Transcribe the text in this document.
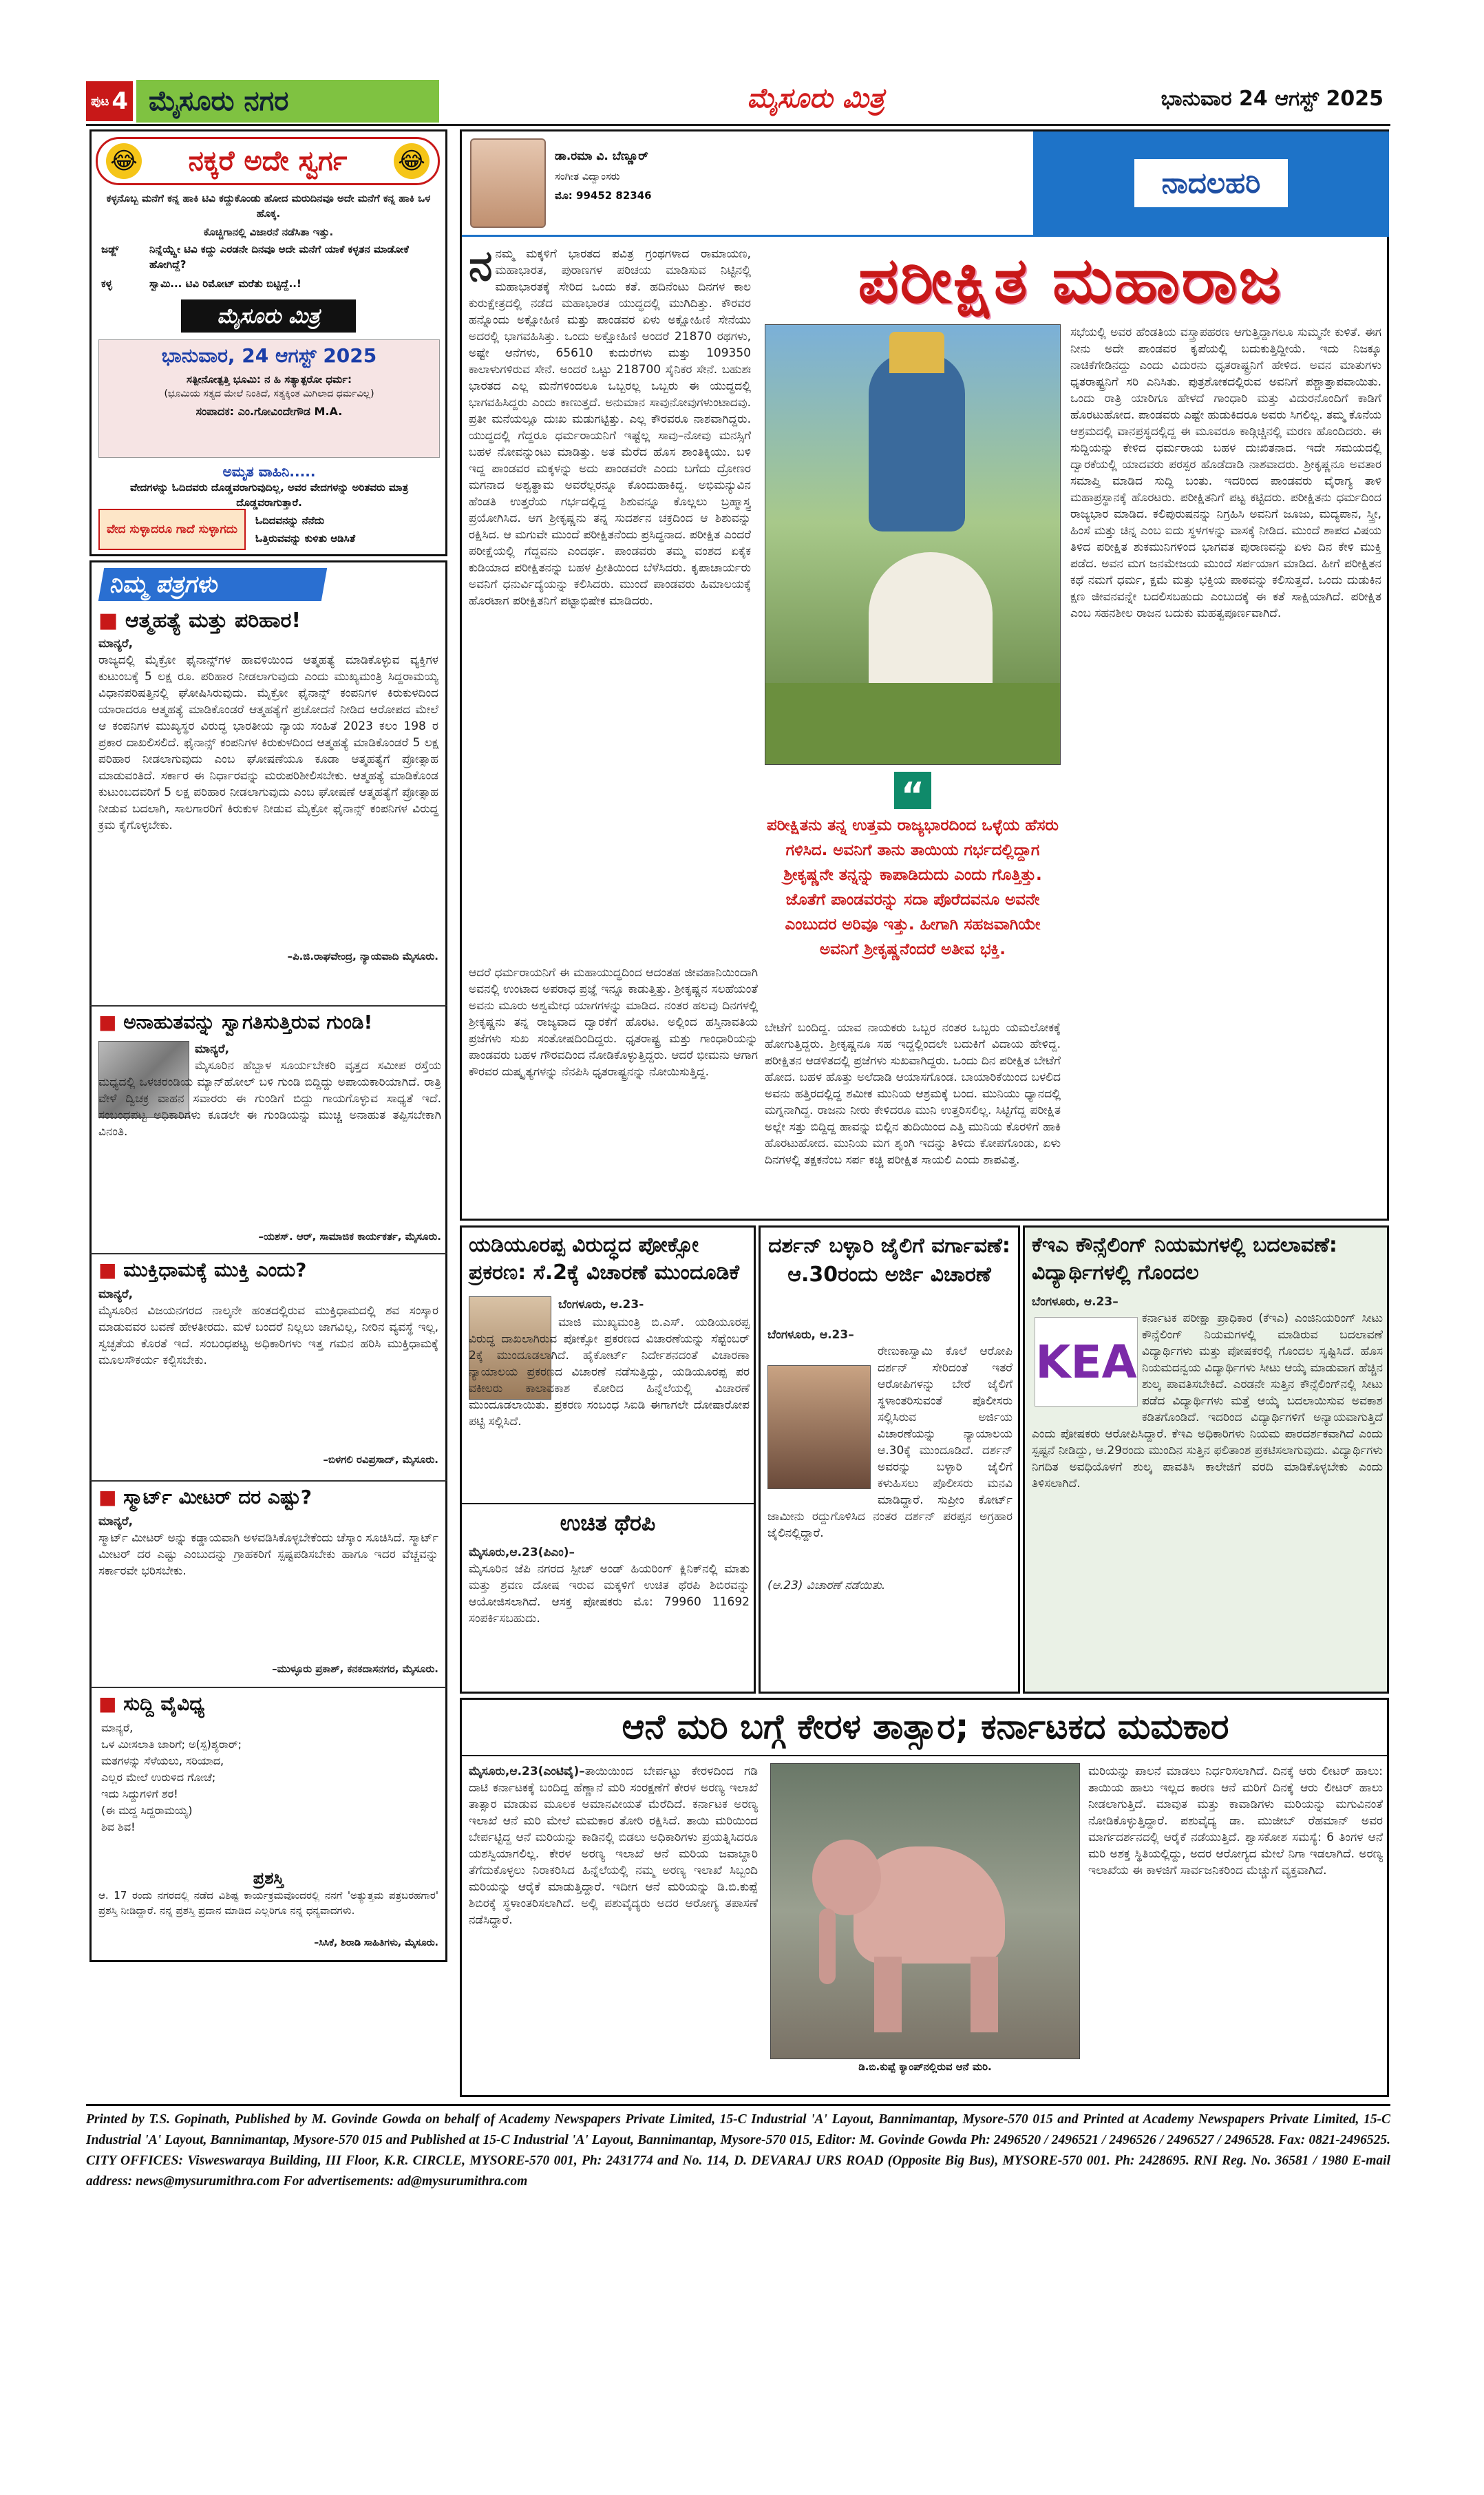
ಪುಟ 4 ಮೈಸೂರು ನಗರ	ಮೈಸೂರು ಮಿತ್ರ	ಭಾನುವಾರ 24 ಆಗಸ್ಟ್ 2025
😂 ನಕ್ಕರೆ ಅದೇ ಸ್ವರ್ಗ 😂
ಕಳ್ಳನೊಬ್ಬ ಮನೆಗೆ ಕನ್ನ ಹಾಕಿ ಟಿವಿ ಕದ್ದುಕೊಂಡು ಹೋದ ಮರುದಿನವೂ ಅದೇ ಮನೆಗೆ ಕನ್ನ ಹಾಕಿ ಒಳ ಹೊಕ್ಕ.
ಕೊಚ್ಚಿಗಾನಲ್ಲಿ ವಿಜಾರನೆ ನಡೆಸಿತಾ ಇತ್ತು.
ಜಡ್ಜ್	ನಿನ್ನೆಯ್ಷ್ಟೇ ಟಿವಿ ಕದ್ದು ಎರಡನೇ ದಿನವೂ ಅದೇ ಮನೆಗೆ ಯಾಕೆ ಕಳ್ಳತನ ಮಾಡೋಕೆ ಹೋಗಿದ್ದೆ?
ಕಳ್ಳ	ಸ್ವಾಮಿ... ಟಿವಿ ರಿಮೋಟ್ ಮರೆತು ಬಿಟ್ಟಿದ್ದೆ..!
ಮೈಸೂರು ಮಿತ್ರ
ಭಾನುವಾರ, 24 ಆಗಸ್ಟ್ 2025
ಸತ್ಪೀನೋತ್ಪತ್ತಿ ಭೂಮಿ: ನ ಹಿ ಸತ್ಯಾತ್ಪರೋ ಧರ್ಮ:
(ಭೂಮಿಯ ಸತ್ಯದ ಮೇಲೆ ನಿಂತಿದೆ, ಸತ್ಯಕ್ಕಿಂತ ಮಿಗಿಲಾದ ಧರ್ಮವಿಲ್ಲ)
ಸಂಪಾದಕ: ಎಂ.ಗೋವಿಂದೇಗೌಡ M.A.
ಅಮೃತ ವಾಹಿನಿ.....
ವೇದಗಳನ್ನು ಓದಿದವರು ದೊಡ್ಡವರಾಗುವುದಿಲ್ಲ, ಅವರ ವೇದಗಳನ್ನು ಅರಿತವರು ಮಾತ್ರ ದೊಡ್ಡವರಾಗುತ್ತಾರೆ.
ವೇದ ಸುಳ್ಳಾದರೂ ಗಾದೆ ಸುಳ್ಳಾಗದು
ಓದಿದವನನ್ನು ನೆನೆದು
ಓತ್ತಿರುವವನ್ನು ಕುಳಿತು ಆಡಿಸಿತೆ
ನಿಮ್ಮ ಪತ್ರಗಳು
■ ಆತ್ಮಹತ್ಯೆ ಮತ್ತು ಪರಿಹಾರ!
ಮಾನ್ಯರೆ,
ರಾಜ್ಯದಲ್ಲಿ ಮೈಕ್ರೋ ಫೈನಾನ್ಸ್‌ಗಳ ಹಾವಳಿಯಿಂದ ಆತ್ಮಹತ್ಯೆ ಮಾಡಿಕೊಳ್ಳುವ ವ್ಯಕ್ತಿಗಳ ಕುಟುಂಬಕ್ಕೆ 5 ಲಕ್ಷ ರೂ. ಪರಿಹಾರ ನೀಡಲಾಗುವುದು ಎಂದು ಮುಖ್ಯಮಂತ್ರಿ ಸಿದ್ದರಾಮಯ್ಯ ವಿಧಾನಪರಿಷತ್ತಿನಲ್ಲಿ ಘೋಷಿಸಿರುವುದು. ಮೈಕ್ರೋ ಫೈನಾನ್ಸ್ ಕಂಪನಿಗಳ ಕಿರುಕುಳದಿಂದ ಯಾರಾದರೂ ಆತ್ಮಹತ್ಯೆ ಮಾಡಿಕೊಂಡರೆ ಆತ್ಮಹತ್ಯೆಗೆ ಪ್ರಚೋದನೆ ನೀಡಿದ ಆರೋಪದ ಮೇಲೆ ಆ ಕಂಪನಿಗಳ ಮುಖ್ಯಸ್ಥರ ವಿರುದ್ಧ ಭಾರತೀಯ ನ್ಯಾಯ ಸಂಹಿತೆ 2023 ಕಲಂ 198 ರ ಪ್ರಕಾರ ದಾಖಲಿಸಲಿದೆ. ಫೈನಾನ್ಸ್ ಕಂಪನಿಗಳ ಕಿರುಕುಳದಿಂದ ಆತ್ಮಹತ್ಯೆ ಮಾಡಿಕೊಂಡರೆ 5 ಲಕ್ಷ ಪರಿಹಾರ ನೀಡಲಾಗುವುದು ಎಂಬ ಘೋಷಣೆಯೂ ಕೂಡಾ ಆತ್ಮಹತ್ಯೆಗೆ ಪ್ರೋತ್ಸಾಹ ಮಾಡುವಂತಿದೆ. ಸರ್ಕಾರ ಈ ನಿರ್ಧಾರವನ್ನು ಮರುಪರಿಶೀಲಿಸಬೇಕು. ಆತ್ಮಹತ್ಯೆ ಮಾಡಿಕೊಂಡ ಕುಟುಂಬದವರಿಗೆ 5 ಲಕ್ಷ ಪರಿಹಾರ ನೀಡಲಾಗುವುದು ಎಂಬ ಘೋಷಣೆ ಆತ್ಮಹತ್ಯೆಗೆ ಪ್ರೋತ್ಸಾಹ ನೀಡುವ ಬದಲಾಗಿ, ಸಾಲಗಾರರಿಗೆ ಕಿರುಕುಳ ನೀಡುವ ಮೈಕ್ರೋ ಫೈನಾನ್ಸ್ ಕಂಪನಿಗಳ ವಿರುದ್ಧ ಕ್ರಮ ಕೈಗೊಳ್ಳಬೇಕು.
–ಪಿ.ಜಿ.ರಾಘವೇಂದ್ರ, ನ್ಯಾಯವಾದಿ ಮೈಸೂರು.
■ ಅನಾಹುತವನ್ನು ಸ್ವಾಗತಿಸುತ್ತಿರುವ ಗುಂಡಿ!
ಮಾನ್ಯರೆ,
ಮೈಸೂರಿನ ಹೆಬ್ಬಾಳ ಸೂರ್ಯಬೇಕರಿ ವೃತ್ತದ ಸಮೀಪ ರಸ್ತೆಯ ಮಧ್ಯದಲ್ಲಿ ಒಳಚರಂಡಿಯ ಮ್ಯಾನ್‌ಹೋಲ್ ಬಳಿ ಗುಂಡಿ ಬಿದ್ದಿದ್ದು ಅಪಾಯಕಾರಿಯಾಗಿದೆ. ರಾತ್ರಿ ವೇಳೆ ದ್ವಿಚಕ್ರ ವಾಹನ ಸವಾರರು ಈ ಗುಂಡಿಗೆ ಬಿದ್ದು ಗಾಯಗೊಳ್ಳುವ ಸಾಧ್ಯತೆ ಇದೆ. ಸಂಬಂಧಪಟ್ಟ ಅಧಿಕಾರಿಗಳು ಕೂಡಲೇ ಈ ಗುಂಡಿಯನ್ನು ಮುಚ್ಚಿ ಅನಾಹುತ ತಪ್ಪಿಸಬೇಕಾಗಿ ವಿನಂತಿ.
–ಯಶಸ್. ಆರ್, ಸಾಮಾಜಿಕ ಕಾರ್ಯಕರ್ತ, ಮೈಸೂರು.
■ ಮುಕ್ತಿಧಾಮಕ್ಕೆ ಮುಕ್ತಿ ಎಂದು?
ಮಾನ್ಯರೆ,
ಮೈಸೂರಿನ ವಿಜಯನಗರದ ನಾಲ್ಕನೇ ಹಂತದಲ್ಲಿರುವ ಮುಕ್ತಿಧಾಮದಲ್ಲಿ ಶವ ಸಂಸ್ಕಾರ ಮಾಡುವವರ ಬವಣೆ ಹೇಳತೀರದು. ಮಳೆ ಬಂದರೆ ನಿಲ್ಲಲು ಜಾಗವಿಲ್ಲ, ನೀರಿನ ವ್ಯವಸ್ಥೆ ಇಲ್ಲ, ಸ್ವಚ್ಛತೆಯ ಕೊರತೆ ಇದೆ. ಸಂಬಂಧಪಟ್ಟ ಅಧಿಕಾರಿಗಳು ಇತ್ತ ಗಮನ ಹರಿಸಿ ಮುಕ್ತಿಧಾಮಕ್ಕೆ ಮೂಲಸೌಕರ್ಯ ಕಲ್ಪಿಸಬೇಕು.
–ಬಿಳಗಲಿ ರವಿಪ್ರಸಾದ್, ಮೈಸೂರು.
■ ಸ್ಮಾರ್ಟ್ ಮೀಟರ್ ದರ ಎಷ್ಟು?
ಮಾನ್ಯರೆ,
ಸ್ಮಾರ್ಟ್ ಮೀಟರ್ ಅನ್ನು ಕಡ್ಡಾಯವಾಗಿ ಅಳವಡಿಸಿಕೊಳ್ಳಬೇಕೆಂದು ಚೆಸ್ಕಾಂ ಸೂಚಿಸಿದೆ. ಸ್ಮಾರ್ಟ್ ಮೀಟರ್ ದರ ಎಷ್ಟು ಎಂಬುದನ್ನು ಗ್ರಾಹಕರಿಗೆ ಸ್ಪಷ್ಟಪಡಿಸಬೇಕು ಹಾಗೂ ಇದರ ವೆಚ್ಚವನ್ನು ಸರ್ಕಾರವೇ ಭರಿಸಬೇಕು.
–ಮುಳ್ಳೂರು ಪ್ರಕಾಶ್, ಕನಕದಾಸನಗರ, ಮೈಸೂರು.
■ ಸುದ್ದಿ ವೈವಿಧ್ಯ
ಮಾನ್ಯರೆ,
ಒಳ ಮೀಸಲಾತಿ ಜಾರಿಗೆ; ಅ(ಸ್ಪ)ಶ್ಯರಾರ್;
ಮತಗಳನ್ನು ಸೆಳೆಯಲು, ಸರಿಯಾದ,
ಎಲ್ಲರ ಮೇಲೆ ಉರುಳಿದ ಗೋಚೆ;
ಇದು ಸಿದ್ದುಗಳಿಗೆ ಶರ!
(ಈ ಮದ್ದ ಸಿದ್ದರಾಮಯ್ಯ)
ಶಿವ ಶಿವ!
ಪ್ರಶಸ್ತಿ
ಆ. 17 ರಂದು ನಗರದಲ್ಲಿ ನಡೆದ ವಿಶಿಷ್ಟ ಕಾರ್ಯಕ್ರಮವೊಂದರಲ್ಲಿ ನನಗೆ 'ಅತ್ಯುತ್ತಮ ಪತ್ರಬರಹಗಾರ' ಪ್ರಶಸ್ತಿ ನೀಡಿದ್ದಾರೆ. ನನ್ನ ಪ್ರಶಸ್ತಿ ಪ್ರದಾನ ಮಾಡಿದ ಎಲ್ಲರಿಗೂ ನನ್ನ ಧನ್ಯವಾದಗಳು.
–ಸಿಸಿಕೆ, ಶಿರಾಡಿ ಸಾಹಿತಿಗಳು, ಮೈಸೂರು.
ಡಾ.ರಮಾ ವಿ. ಬೆಣ್ಣೂರ್
ಸಂಗೀತ ವಿದ್ವಾಂಸರು
ಮೊ: 99452 82346	ನಾದಲಹರಿ
ನನಮ್ಮ ಮಕ್ಕಳಿಗೆ ಭಾರತದ ಪವಿತ್ರ ಗ್ರಂಥಗಳಾದ ರಾಮಾಯಣ, ಮಹಾಭಾರತ, ಪುರಾಣಗಳ ಪರಿಚಯ ಮಾಡಿಸುವ ನಿಟ್ಟಿನಲ್ಲಿ ಮಹಾಭಾರತಕ್ಕೆ ಸೇರಿದ ಒಂದು ಕತೆ. ಹದಿನೆಂಟು ದಿನಗಳ ಕಾಲ ಕುರುಕ್ಷೇತ್ರದಲ್ಲಿ ನಡೆದ ಮಹಾಭಾರತ ಯುದ್ಧದಲ್ಲಿ ಮುಗಿದಿತ್ತು. ಕೌರವರ ಹನ್ನೊಂದು ಅಕ್ಷೋಹಿಣಿ ಮತ್ತು ಪಾಂಡವರ ಏಳು ಅಕ್ಷೋಹಿಣಿ ಸೇನೆಯು ಅದರಲ್ಲಿ ಭಾಗವಹಿಸಿತ್ತು. ಒಂದು ಅಕ್ಷೋಹಿಣಿ ಅಂದರೆ 21870 ರಥಗಳು, ಅಷ್ಟೇ ಆನೆಗಳು, 65610 ಕುದುರೆಗಳು ಮತ್ತು 109350 ಕಾಲಾಳುಗಳಿರುವ ಸೇನೆ. ಅಂದರೆ ಒಟ್ಟು 218700 ಸೈನಿಕರ ಸೇನೆ. ಬಹುಶಃ ಭಾರತದ ಎಲ್ಲ ಮನೆಗಳಿಂದಲೂ ಒಬ್ಬರಲ್ಲ ಒಬ್ಬರು ಈ ಯುದ್ಧದಲ್ಲಿ ಭಾಗವಹಿಸಿದ್ದರು ಎಂದು ಕಾಣುತ್ತದೆ. ಅನುಮಾನ ಸಾವುನೋವುಗಳುಂಟಾದವು. ಪ್ರತೀ ಮನೆಯಲ್ಲೂ ದುಃಖ ಮಡುಗಟ್ಟಿತ್ತು. ಎಲ್ಲ ಕೌರವರೂ ನಾಶವಾಗಿದ್ದರು. ಯುದ್ಧದಲ್ಲಿ ಗೆದ್ದರೂ ಧರ್ಮರಾಯನಿಗೆ ಇಷ್ಟೆಲ್ಲ ಸಾವು–ನೋವು ಮನಸ್ಸಿಗೆ ಬಹಳ ನೋವನ್ನುಂಟು ಮಾಡಿತ್ತು. ಅತ ಮೆರೆದ ಹೊಸ ಶಾಂತಿಕ್ಕಿಯು. ಬಳಿ ಇದ್ದ ಪಾಂಡವರ ಮಕ್ಕಳನ್ನು ಅದು ಪಾಂಡವರೇ ಎಂದು ಬಗೆದು ದ್ರೋಣರ ಮಗನಾದ ಅಶ್ವತ್ಥಾಮ ಅವರೆಲ್ಲರನ್ನೂ ಕೊಂದುಹಾಕಿದ್ದ. ಅಭಿಮನ್ಯುವಿನ ಹೆಂಡತಿ ಉತ್ತರೆಯ ಗರ್ಭದಲ್ಲಿದ್ದ ಶಿಶುವನ್ನೂ ಕೊಲ್ಲಲು ಬ್ರಹ್ಮಾಸ್ತ್ರ ಪ್ರಯೋಗಿಸಿದ. ಆಗ ಶ್ರೀಕೃಷ್ಣನು ತನ್ನ ಸುದರ್ಶನ ಚಕ್ರದಿಂದ ಆ ಶಿಶುವನ್ನು ರಕ್ಷಿಸಿದ. ಆ ಮಗುವೇ ಮುಂದೆ ಪರೀಕ್ಷಿತನೆಂದು ಪ್ರಸಿದ್ಧನಾದ. ಪರೀಕ್ಷಿತ ಎಂದರೆ ಪರೀಕ್ಷೆಯಲ್ಲಿ ಗೆದ್ದವನು ಎಂದರ್ಥ. ಪಾಂಡವರು ತಮ್ಮ ವಂಶದ ಏಕೈಕ ಕುಡಿಯಾದ ಪರೀಕ್ಷಿತನನ್ನು ಬಹಳ ಪ್ರೀತಿಯಿಂದ ಬೆಳೆಸಿದರು. ಕೃಪಾಚಾರ್ಯರು ಅವನಿಗೆ ಧನುರ್ವಿದ್ಯೆಯನ್ನು ಕಲಿಸಿದರು. ಮುಂದೆ ಪಾಂಡವರು ಹಿಮಾಲಯಕ್ಕೆ ಹೊರಟಾಗ ಪರೀಕ್ಷಿತನಿಗೆ ಪಟ್ಟಾಭಿಷೇಕ ಮಾಡಿದರು.
ಪರೀಕ್ಷಿತ ಮಹಾರಾಜ
ಸಭೆಯಲ್ಲಿ ಅವರ ಹೆಂಡತಿಯ ವಸ್ತ್ರಾಪಹರಣ ಆಗುತ್ತಿದ್ದಾಗಲೂ ಸುಮ್ಮನೇ ಕುಳಿತೆ. ಈಗ ನೀನು ಅದೇ ಪಾಂಡವರ ಕೃಪೆಯಲ್ಲಿ ಬದುಕುತ್ತಿದ್ದೀಯೆ. ಇದು ನಿಜಕ್ಕೂ ನಾಚಿಕೆಗೇಡಿನದ್ದು ಎಂದು ವಿದುರನು ಧೃತರಾಷ್ಟ್ರನಿಗೆ ಹೇಳಿದ. ಅವನ ಮಾತುಗಳು ಧೃತರಾಷ್ಟ್ರನಿಗೆ ಸರಿ ಎನಿಸಿತು. ಪುತ್ರಶೋಕದಲ್ಲಿರುವ ಅವನಿಗೆ ಪಶ್ಚಾತ್ತಾಪವಾಯಿತು. ಒಂದು ರಾತ್ರಿ ಯಾರಿಗೂ ಹೇಳದೆ ಗಾಂಧಾರಿ ಮತ್ತು ವಿದುರನೊಂದಿಗೆ ಕಾಡಿಗೆ ಹೊರಟುಹೋದ. ಪಾಂಡವರು ಎಷ್ಟೇ ಹುಡುಕಿದರೂ ಅವರು ಸಿಗಲಿಲ್ಲ. ತಮ್ಮ ಕೊನೆಯ ಆಶ್ರಮದಲ್ಲಿ ವಾನಪ್ರಸ್ಥದಲ್ಲಿದ್ದ ಈ ಮೂವರೂ ಕಾಡ್ಗಿಚ್ಚಿನಲ್ಲಿ ಮರಣ ಹೊಂದಿದರು. ಈ ಸುದ್ದಿಯನ್ನು ಕೇಳಿದ ಧರ್ಮರಾಯ ಬಹಳ ದುಃಖಿತನಾದ. ಇದೇ ಸಮಯದಲ್ಲಿ ದ್ವಾರಕೆಯಲ್ಲಿ ಯಾದವರು ಪರಸ್ಪರ ಹೊಡೆದಾಡಿ ನಾಶವಾದರು. ಶ್ರೀಕೃಷ್ಣನೂ ಅವತಾರ ಸಮಾಪ್ತಿ ಮಾಡಿದ ಸುದ್ದಿ ಬಂತು. ಇದರಿಂದ ಪಾಂಡವರು ವೈರಾಗ್ಯ ತಾಳಿ ಮಹಾಪ್ರಸ್ಥಾನಕ್ಕೆ ಹೊರಟರು. ಪರೀಕ್ಷಿತನಿಗೆ ಪಟ್ಟ ಕಟ್ಟಿದರು. ಪರೀಕ್ಷಿತನು ಧರ್ಮದಿಂದ ರಾಜ್ಯಭಾರ ಮಾಡಿದ. ಕಲಿಪುರುಷನನ್ನು ನಿಗ್ರಹಿಸಿ ಅವನಿಗೆ ಜೂಜು, ಮದ್ಯಪಾನ, ಸ್ತ್ರೀ, ಹಿಂಸೆ ಮತ್ತು ಚಿನ್ನ ಎಂಬ ಐದು ಸ್ಥಳಗಳನ್ನು ವಾಸಕ್ಕೆ ನೀಡಿದ. ಮುಂದೆ ಶಾಪದ ವಿಷಯ ತಿಳಿದ ಪರೀಕ್ಷಿತ ಶುಕಮುನಿಗಳಿಂದ ಭಾಗವತ ಪುರಾಣವನ್ನು ಏಳು ದಿನ ಕೇಳಿ ಮುಕ್ತಿ ಪಡೆದ. ಅವನ ಮಗ ಜನಮೇಜಯ ಮುಂದೆ ಸರ್ಪಯಾಗ ಮಾಡಿದ. ಹೀಗೆ ಪರೀಕ್ಷಿತನ ಕಥೆ ನಮಗೆ ಧರ್ಮ, ಕ್ಷಮೆ ಮತ್ತು ಭಕ್ತಿಯ ಪಾಠವನ್ನು ಕಲಿಸುತ್ತದೆ. ಒಂದು ದುಡುಕಿನ ಕ್ಷಣ ಜೀವನವನ್ನೇ ಬದಲಿಸಬಹುದು ಎಂಬುದಕ್ಕೆ ಈ ಕತೆ ಸಾಕ್ಷಿಯಾಗಿದೆ. ಪರೀಕ್ಷಿತ ಎಂಬ ಸಹನಶೀಲ ರಾಜನ ಬದುಕು ಮಹತ್ವಪೂರ್ಣವಾಗಿದೆ.
“
ಪರೀಕ್ಷಿತನು ತನ್ನ ಉತ್ತಮ ರಾಜ್ಯಭಾರದಿಂದ ಒಳ್ಳೆಯ ಹೆಸರು ಗಳಿಸಿದ. ಅವನಿಗೆ ತಾನು ತಾಯಿಯ ಗರ್ಭದಲ್ಲಿದ್ದಾಗ ಶ್ರೀಕೃಷ್ಣನೇ ತನ್ನನ್ನು ಕಾಪಾಡಿದುದು ಎಂದು ಗೊತ್ತಿತ್ತು. ಜೊತೆಗೆ ಪಾಂಡವರನ್ನು ಸದಾ ಪೊರೆದವನೂ ಅವನೇ ಎಂಬುದರ ಅರಿವೂ ಇತ್ತು. ಹೀಗಾಗಿ ಸಹಜವಾಗಿಯೇ ಅವನಿಗೆ ಶ್ರೀಕೃಷ್ಣನೆಂದರೆ ಅತೀವ ಭಕ್ತಿ.
ಬೇಟೆಗೆ ಬಂದಿದ್ದ. ಯಾವ ನಾಯಕರು ಒಬ್ಬರ ನಂತರ ಒಬ್ಬರು ಯಮಲೋಕಕ್ಕೆ ಹೋಗುತ್ತಿದ್ದರು. ಶ್ರೀಕೃಷ್ಣನೂ ಸಹ ಇದ್ದಲ್ಲಿಂದಲೇ ಬದುಕಿಗೆ ವಿದಾಯ ಹೇಳಿದ್ದ. ಪರೀಕ್ಷಿತನ ಆಡಳಿತದಲ್ಲಿ ಪ್ರಜೆಗಳು ಸುಖವಾಗಿದ್ದರು. ಒಂದು ದಿನ ಪರೀಕ್ಷಿತ ಬೇಟೆಗೆ ಹೋದ. ಬಹಳ ಹೊತ್ತು ಅಲೆದಾಡಿ ಆಯಾಸಗೊಂಡ. ಬಾಯಾರಿಕೆಯಿಂದ ಬಳಲಿದ ಅವನು ಹತ್ತಿರದಲ್ಲಿದ್ದ ಶಮೀಕ ಮುನಿಯ ಆಶ್ರಮಕ್ಕೆ ಬಂದ. ಮುನಿಯು ಧ್ಯಾನದಲ್ಲಿ ಮಗ್ನನಾಗಿದ್ದ. ರಾಜನು ನೀರು ಕೇಳಿದರೂ ಮುನಿ ಉತ್ತರಿಸಲಿಲ್ಲ. ಸಿಟ್ಟಿಗೆದ್ದ ಪರೀಕ್ಷಿತ ಅಲ್ಲೇ ಸತ್ತು ಬಿದ್ದಿದ್ದ ಹಾವನ್ನು ಬಿಲ್ಲಿನ ತುದಿಯಿಂದ ಎತ್ತಿ ಮುನಿಯ ಕೊರಳಿಗೆ ಹಾಕಿ ಹೊರಟುಹೋದ. ಮುನಿಯ ಮಗ ಶೃಂಗಿ ಇದನ್ನು ತಿಳಿದು ಕೋಪಗೊಂಡು, ಏಳು ದಿನಗಳಲ್ಲಿ ತಕ್ಷಕನೆಂಬ ಸರ್ಪ ಕಚ್ಚಿ ಪರೀಕ್ಷಿತ ಸಾಯಲಿ ಎಂದು ಶಾಪವಿತ್ತ.
ಆದರೆ ಧರ್ಮರಾಯನಿಗೆ ಈ ಮಹಾಯುದ್ಧದಿಂದ ಆದಂತಹ ಜೀವಹಾನಿಯಿಂದಾಗಿ ಅವನಲ್ಲಿ ಉಂಟಾದ ಅಪರಾಧ ಪ್ರಜ್ಞೆ ಇನ್ನೂ ಕಾಡುತ್ತಿತ್ತು. ಶ್ರೀಕೃಷ್ಣನ ಸಲಹೆಯಂತೆ ಅವನು ಮೂರು ಅಶ್ವಮೇಧ ಯಾಗಗಳನ್ನು ಮಾಡಿದ. ನಂತರ ಹಲವು ದಿನಗಳಲ್ಲಿ ಶ್ರೀಕೃಷ್ಣನು ತನ್ನ ರಾಜ್ಯವಾದ ದ್ವಾರಕೆಗೆ ಹೊರಟ. ಅಲ್ಲಿಂದ ಹಸ್ತಿನಾವತಿಯ ಪ್ರಜೆಗಳು ಸುಖ ಸಂತೋಷದಿಂದಿದ್ದರು. ಧೃತರಾಷ್ಟ್ರ ಮತ್ತು ಗಾಂಧಾರಿಯನ್ನು ಪಾಂಡವರು ಬಹಳ ಗೌರವದಿಂದ ನೋಡಿಕೊಳ್ಳುತ್ತಿದ್ದರು. ಆದರೆ ಭೀಮನು ಆಗಾಗ ಕೌರವರ ದುಷ್ಕೃತ್ಯಗಳನ್ನು ನೆನಪಿಸಿ ಧೃತರಾಷ್ಟ್ರನನ್ನು ನೋಯಿಸುತ್ತಿದ್ದ.
ಯಡಿಯೂರಪ್ಪ ವಿರುದ್ಧದ ಪೋಕ್ಸೋ ಪ್ರಕರಣ: ಸೆ.2ಕ್ಕೆ ವಿಚಾರಣೆ ಮುಂದೂಡಿಕೆ
ಬೆಂಗಳೂರು, ಆ.23-
ಮಾಜಿ ಮುಖ್ಯಮಂತ್ರಿ ಬಿ.ಎಸ್. ಯಡಿಯೂರಪ್ಪ ವಿರುದ್ಧ ದಾಖಲಾಗಿರುವ ಪೋಕ್ಸೋ ಪ್ರಕರಣದ ವಿಚಾರಣೆಯನ್ನು ಸೆಪ್ಟೆಂಬರ್ 2ಕ್ಕೆ ಮುಂದೂಡಲಾಗಿದೆ. ಹೈಕೋರ್ಟ್ ನಿರ್ದೇಶನದಂತೆ ವಿಚಾರಣಾ ನ್ಯಾಯಾಲಯ ಪ್ರಕರಣದ ವಿಚಾರಣೆ ನಡೆಸುತ್ತಿದ್ದು, ಯಡಿಯೂರಪ್ಪ ಪರ ವಕೀಲರು ಕಾಲಾವಕಾಶ ಕೋರಿದ ಹಿನ್ನೆಲೆಯಲ್ಲಿ ವಿಚಾರಣೆ ಮುಂದೂಡಲಾಯಿತು. ಪ್ರಕರಣ ಸಂಬಂಧ ಸಿಐಡಿ ಈಗಾಗಲೇ ದೋಷಾರೋಪ ಪಟ್ಟಿ ಸಲ್ಲಿಸಿದೆ.
ಉಚಿತ ಥೆರಪಿ
ಮೈಸೂರು,ಆ.23(ಪಿಎಂ)–
ಮೈಸೂರಿನ ಜೆಪಿ ನಗರದ ಸ್ಪೀಚ್ ಅಂಡ್ ಹಿಯರಿಂಗ್ ಕ್ಲಿನಿಕ್‌ನಲ್ಲಿ ಮಾತು ಮತ್ತು ಶ್ರವಣ ದೋಷ ಇರುವ ಮಕ್ಕಳಿಗೆ ಉಚಿತ ಥೆರಪಿ ಶಿಬಿರವನ್ನು ಆಯೋಜಿಸಲಾಗಿದೆ. ಆಸಕ್ತ ಪೋಷಕರು ಮೊ: 79960 11692 ಸಂಪರ್ಕಿಸಬಹುದು.
ದರ್ಶನ್ ಬಳ್ಳಾರಿ ಜೈಲಿಗೆ ವರ್ಗಾವಣೆ: ಆ.30ರಂದು ಅರ್ಜಿ ವಿಚಾರಣೆ
ಬೆಂಗಳೂರು, ಆ.23–
ರೇಣುಕಾಸ್ವಾಮಿ ಕೊಲೆ ಆರೋಪಿ ದರ್ಶನ್ ಸೇರಿದಂತೆ ಇತರೆ ಆರೋಪಿಗಳನ್ನು ಬೇರೆ ಜೈಲಿಗೆ ಸ್ಥಳಾಂತರಿಸುವಂತೆ ಪೊಲೀಸರು ಸಲ್ಲಿಸಿರುವ ಅರ್ಜಿಯ ವಿಚಾರಣೆಯನ್ನು ನ್ಯಾಯಾಲಯ ಆ.30ಕ್ಕೆ ಮುಂದೂಡಿದೆ. ದರ್ಶನ್ ಅವರನ್ನು ಬಳ್ಳಾರಿ ಜೈಲಿಗೆ ಕಳುಹಿಸಲು ಪೊಲೀಸರು ಮನವಿ ಮಾಡಿದ್ದಾರೆ. ಸುಪ್ರೀಂ ಕೋರ್ಟ್ ಜಾಮೀನು ರದ್ದುಗೊಳಿಸಿದ ನಂತರ ದರ್ಶನ್ ಪರಪ್ಪನ ಅಗ್ರಹಾರ ಜೈಲಿನಲ್ಲಿದ್ದಾರೆ.
(ಆ.23) ವಿಚಾರಣೆ ನಡೆಯಿತು.
ಕೆಇಎ ಕೌನ್ಸೆಲಿಂಗ್ ನಿಯಮಗಳಲ್ಲಿ ಬದಲಾವಣೆ: ವಿದ್ಯಾರ್ಥಿಗಳಲ್ಲಿ ಗೊಂದಲ
ಬೆಂಗಳೂರು, ಆ.23–
KEA
ಕರ್ನಾಟಕ ಪರೀಕ್ಷಾ ಪ್ರಾಧಿಕಾರ (ಕೆಇಎ) ಎಂಜಿನಿಯರಿಂಗ್ ಸೀಟು ಕೌನ್ಸೆಲಿಂಗ್ ನಿಯಮಗಳಲ್ಲಿ ಮಾಡಿರುವ ಬದಲಾವಣೆ ವಿದ್ಯಾರ್ಥಿಗಳು ಮತ್ತು ಪೋಷಕರಲ್ಲಿ ಗೊಂದಲ ಸೃಷ್ಟಿಸಿದೆ. ಹೊಸ ನಿಯಮದನ್ವಯ ವಿದ್ಯಾರ್ಥಿಗಳು ಸೀಟು ಆಯ್ಕೆ ಮಾಡುವಾಗ ಹೆಚ್ಚಿನ ಶುಲ್ಕ ಪಾವತಿಸಬೇಕಿದೆ. ಎರಡನೇ ಸುತ್ತಿನ ಕೌನ್ಸೆಲಿಂಗ್‌ನಲ್ಲಿ ಸೀಟು ಪಡೆದ ವಿದ್ಯಾರ್ಥಿಗಳು ಮತ್ತೆ ಆಯ್ಕೆ ಬದಲಾಯಿಸುವ ಅವಕಾಶ ಕಡಿತಗೊಂಡಿದೆ. ಇದರಿಂದ ವಿದ್ಯಾರ್ಥಿಗಳಿಗೆ ಅನ್ಯಾಯವಾಗುತ್ತಿದೆ ಎಂದು ಪೋಷಕರು ಆರೋಪಿಸಿದ್ದಾರೆ. ಕೆಇಎ ಅಧಿಕಾರಿಗಳು ನಿಯಮ ಪಾರದರ್ಶಕವಾಗಿದೆ ಎಂದು ಸ್ಪಷ್ಟನೆ ನೀಡಿದ್ದು, ಆ.29ರಂದು ಮುಂದಿನ ಸುತ್ತಿನ ಫಲಿತಾಂಶ ಪ್ರಕಟಿಸಲಾಗುವುದು. ವಿದ್ಯಾರ್ಥಿಗಳು ನಿಗದಿತ ಅವಧಿಯೊಳಗೆ ಶುಲ್ಕ ಪಾವತಿಸಿ ಕಾಲೇಜಿಗೆ ವರದಿ ಮಾಡಿಕೊಳ್ಳಬೇಕು ಎಂದು ತಿಳಿಸಲಾಗಿದೆ.
ಆನೆ ಮರಿ ಬಗ್ಗೆ ಕೇರಳ ತಾತ್ಸಾರ; ಕರ್ನಾಟಕದ ಮಮಕಾರ
ಮೈಸೂರು,ಆ.23(ಎಂಟಿವೈ)–ತಾಯಿಯಿಂದ ಬೇರ್ಪಟ್ಟು ಕೇರಳದಿಂದ ಗಡಿ ದಾಟಿ ಕರ್ನಾಟಕಕ್ಕೆ ಬಂದಿದ್ದ ಹೆಣ್ಣಾನೆ ಮರಿ ಸಂರಕ್ಷಣೆಗೆ ಕೇರಳ ಅರಣ್ಯ ಇಲಾಖೆ ತಾತ್ಸಾರ ಮಾಡುವ ಮೂಲಕ ಅಮಾನವೀಯತೆ ಮೆರೆದಿದೆ. ಕರ್ನಾಟಕ ಅರಣ್ಯ ಇಲಾಖೆ ಆನೆ ಮರಿ ಮೇಲೆ ಮಮಕಾರ ತೋರಿ ರಕ್ಷಿಸಿದೆ. ತಾಯಿ ಮರಿಯಿಂದ ಬೇರ್ಪಟ್ಟಿದ್ದ ಆನೆ ಮರಿಯನ್ನು ಕಾಡಿನಲ್ಲಿ ಬಿಡಲು ಅಧಿಕಾರಿಗಳು ಪ್ರಯತ್ನಿಸಿದರೂ ಯಶಸ್ವಿಯಾಗಲಿಲ್ಲ. ಕೇರಳ ಅರಣ್ಯ ಇಲಾಖೆ ಆನೆ ಮರಿಯ ಜವಾಬ್ದಾರಿ ತೆಗೆದುಕೊಳ್ಳಲು ನಿರಾಕರಿಸಿದ ಹಿನ್ನೆಲೆಯಲ್ಲಿ ನಮ್ಮ ಅರಣ್ಯ ಇಲಾಖೆ ಸಿಬ್ಬಂದಿ ಮರಿಯನ್ನು ಆರೈಕೆ ಮಾಡುತ್ತಿದ್ದಾರೆ. ಇದೀಗ ಆನೆ ಮರಿಯನ್ನು ಡಿ.ಬಿ.ಕುಪ್ಪೆ ಶಿಬಿರಕ್ಕೆ ಸ್ಥಳಾಂತರಿಸಲಾಗಿದೆ. ಅಲ್ಲಿ ಪಶುವೈದ್ಯರು ಅದರ ಆರೋಗ್ಯ ತಪಾಸಣೆ ನಡೆಸಿದ್ದಾರೆ.
ಡಿ.ಬಿ.ಕುಪ್ಪೆ ಕ್ಯಾಂಪ್‌ನಲ್ಲಿರುವ ಆನೆ ಮರಿ.
ಮರಿಯನ್ನು ಪಾಲನೆ ಮಾಡಲು ನಿರ್ಧರಿಸಲಾಗಿದೆ. ದಿನಕ್ಕೆ ಆರು ಲೀಟರ್ ಹಾಲು: ತಾಯಿಯ ಹಾಲು ಇಲ್ಲದ ಕಾರಣ ಆನೆ ಮರಿಗೆ ದಿನಕ್ಕೆ ಆರು ಲೀಟರ್ ಹಾಲು ನೀಡಲಾಗುತ್ತಿದೆ. ಮಾವುತ ಮತ್ತು ಕಾವಾಡಿಗಳು ಮರಿಯನ್ನು ಮಗುವಿನಂತೆ ನೋಡಿಕೊಳ್ಳುತ್ತಿದ್ದಾರೆ. ಪಶುವೈದ್ಯ ಡಾ. ಮುಜೀಬ್ ರೆಹಮಾನ್ ಅವರ ಮಾರ್ಗದರ್ಶನದಲ್ಲಿ ಆರೈಕೆ ನಡೆಯುತ್ತಿದೆ. ಶ್ವಾಸಕೋಶ ಸಮಸ್ಯೆ: 6 ತಿಂಗಳ ಆನೆ ಮರಿ ಅಶಕ್ತ ಸ್ಥಿತಿಯಲ್ಲಿದ್ದು, ಅದರ ಆರೋಗ್ಯದ ಮೇಲೆ ನಿಗಾ ಇಡಲಾಗಿದೆ. ಅರಣ್ಯ ಇಲಾಖೆಯ ಈ ಕಾಳಜಿಗೆ ಸಾರ್ವಜನಿಕರಿಂದ ಮೆಚ್ಚುಗೆ ವ್ಯಕ್ತವಾಗಿದೆ.
Printed by T.S. Gopinath, Published by M. Govinde Gowda on behalf of Academy Newspapers Private Limited, 15-C Industrial 'A' Layout, Bannimantap, Mysore-570 015 and Printed at Academy Newspapers Private Limited, 15-C Industrial 'A' Layout, Bannimantap, Mysore-570 015 and Published at 15-C Industrial 'A' Layout, Bannimantap, Mysore-570 015, Editor: M. Govinde Gowda Ph: 2496520 / 2496521 / 2496526 / 2496527 / 2496528. Fax: 0821-2496525. CITY OFFICES: Visweswaraya Building, III Floor, K.R. CIRCLE, MYSORE-570 001, Ph: 2431774 and No. 114, D. DEVARAJ URS ROAD (Opposite Big Bus), MYSORE-570 001. Ph: 2428695. RNI Reg. No. 36581 / 1980 E-mail address: news@mysurumithra.com For advertisements: ad@mysurumithra.com
